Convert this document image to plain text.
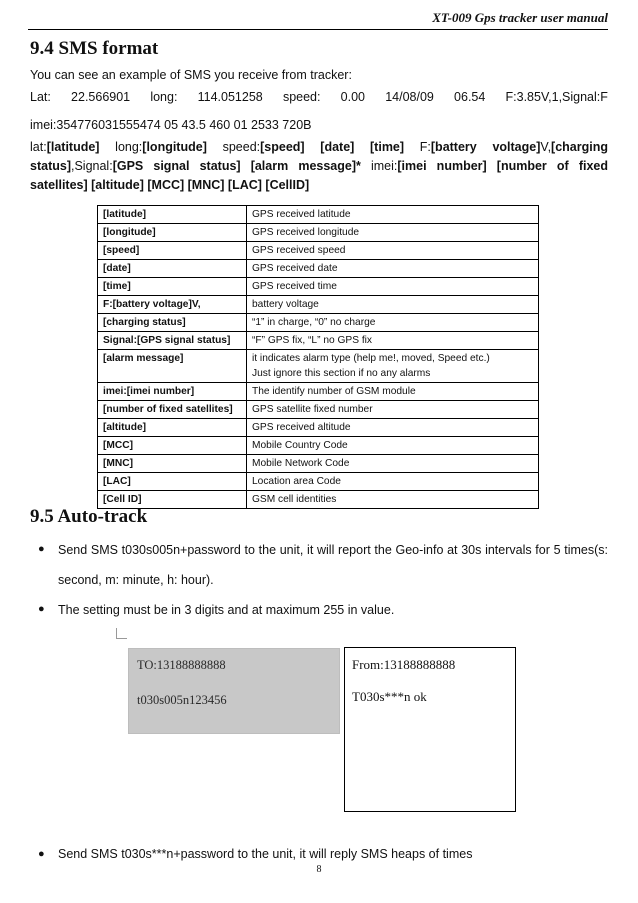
XT-009 Gps tracker user manual
9.4 SMS format
You can see an example of SMS you receive from tracker:
Lat: 22.566901 long: 114.051258 speed: 0.00 14/08/09 06.54 F:3.85V,1,Signal:F
imei:354776031555474 05 43.5 460 01 2533 720B
lat:[latitude] long:[longitude] speed:[speed] [date] [time] F:[battery voltage]V,[charging status],Signal:[GPS signal status] [alarm message]* imei:[imei number] [number of fixed satellites] [altitude] [MCC] [MNC] [LAC] [CellID]
[latitude]	GPS received latitude

[longitude]	GPS received longitude

[speed]	GPS received speed

[date]	GPS received date

[time]	GPS received time

F:[battery voltage]V,	battery voltage

[charging status]	“1” in charge, “0” no charge

Signal:[GPS signal status]	“F” GPS fix, “L” no GPS fix

[alarm message]	it indicates alarm type (help me!, moved, Speed etc.)
Just ignore this section if no any alarms

imei:[imei number]	The identify number of GSM module

[number of fixed satellites]	GPS satellite fixed number

[altitude]	GPS received altitude

[MCC]	Mobile Country Code

[MNC]	Mobile Network Code

[LAC]	Location area Code

[Cell ID]	GSM cell identities
9.5 Auto-track
● Send SMS t030s005n+password to the unit, it will report the Geo-info at 30s intervals for 5 times(s: second, m: minute, h: hour).
● The setting must be in 3 digits and at maximum 255 in value.
TO:13188888888
t030s005n123456
From:13188888888
T030s***n ok
● Send SMS t030s***n+password to the unit, it will reply SMS heaps of times
8
